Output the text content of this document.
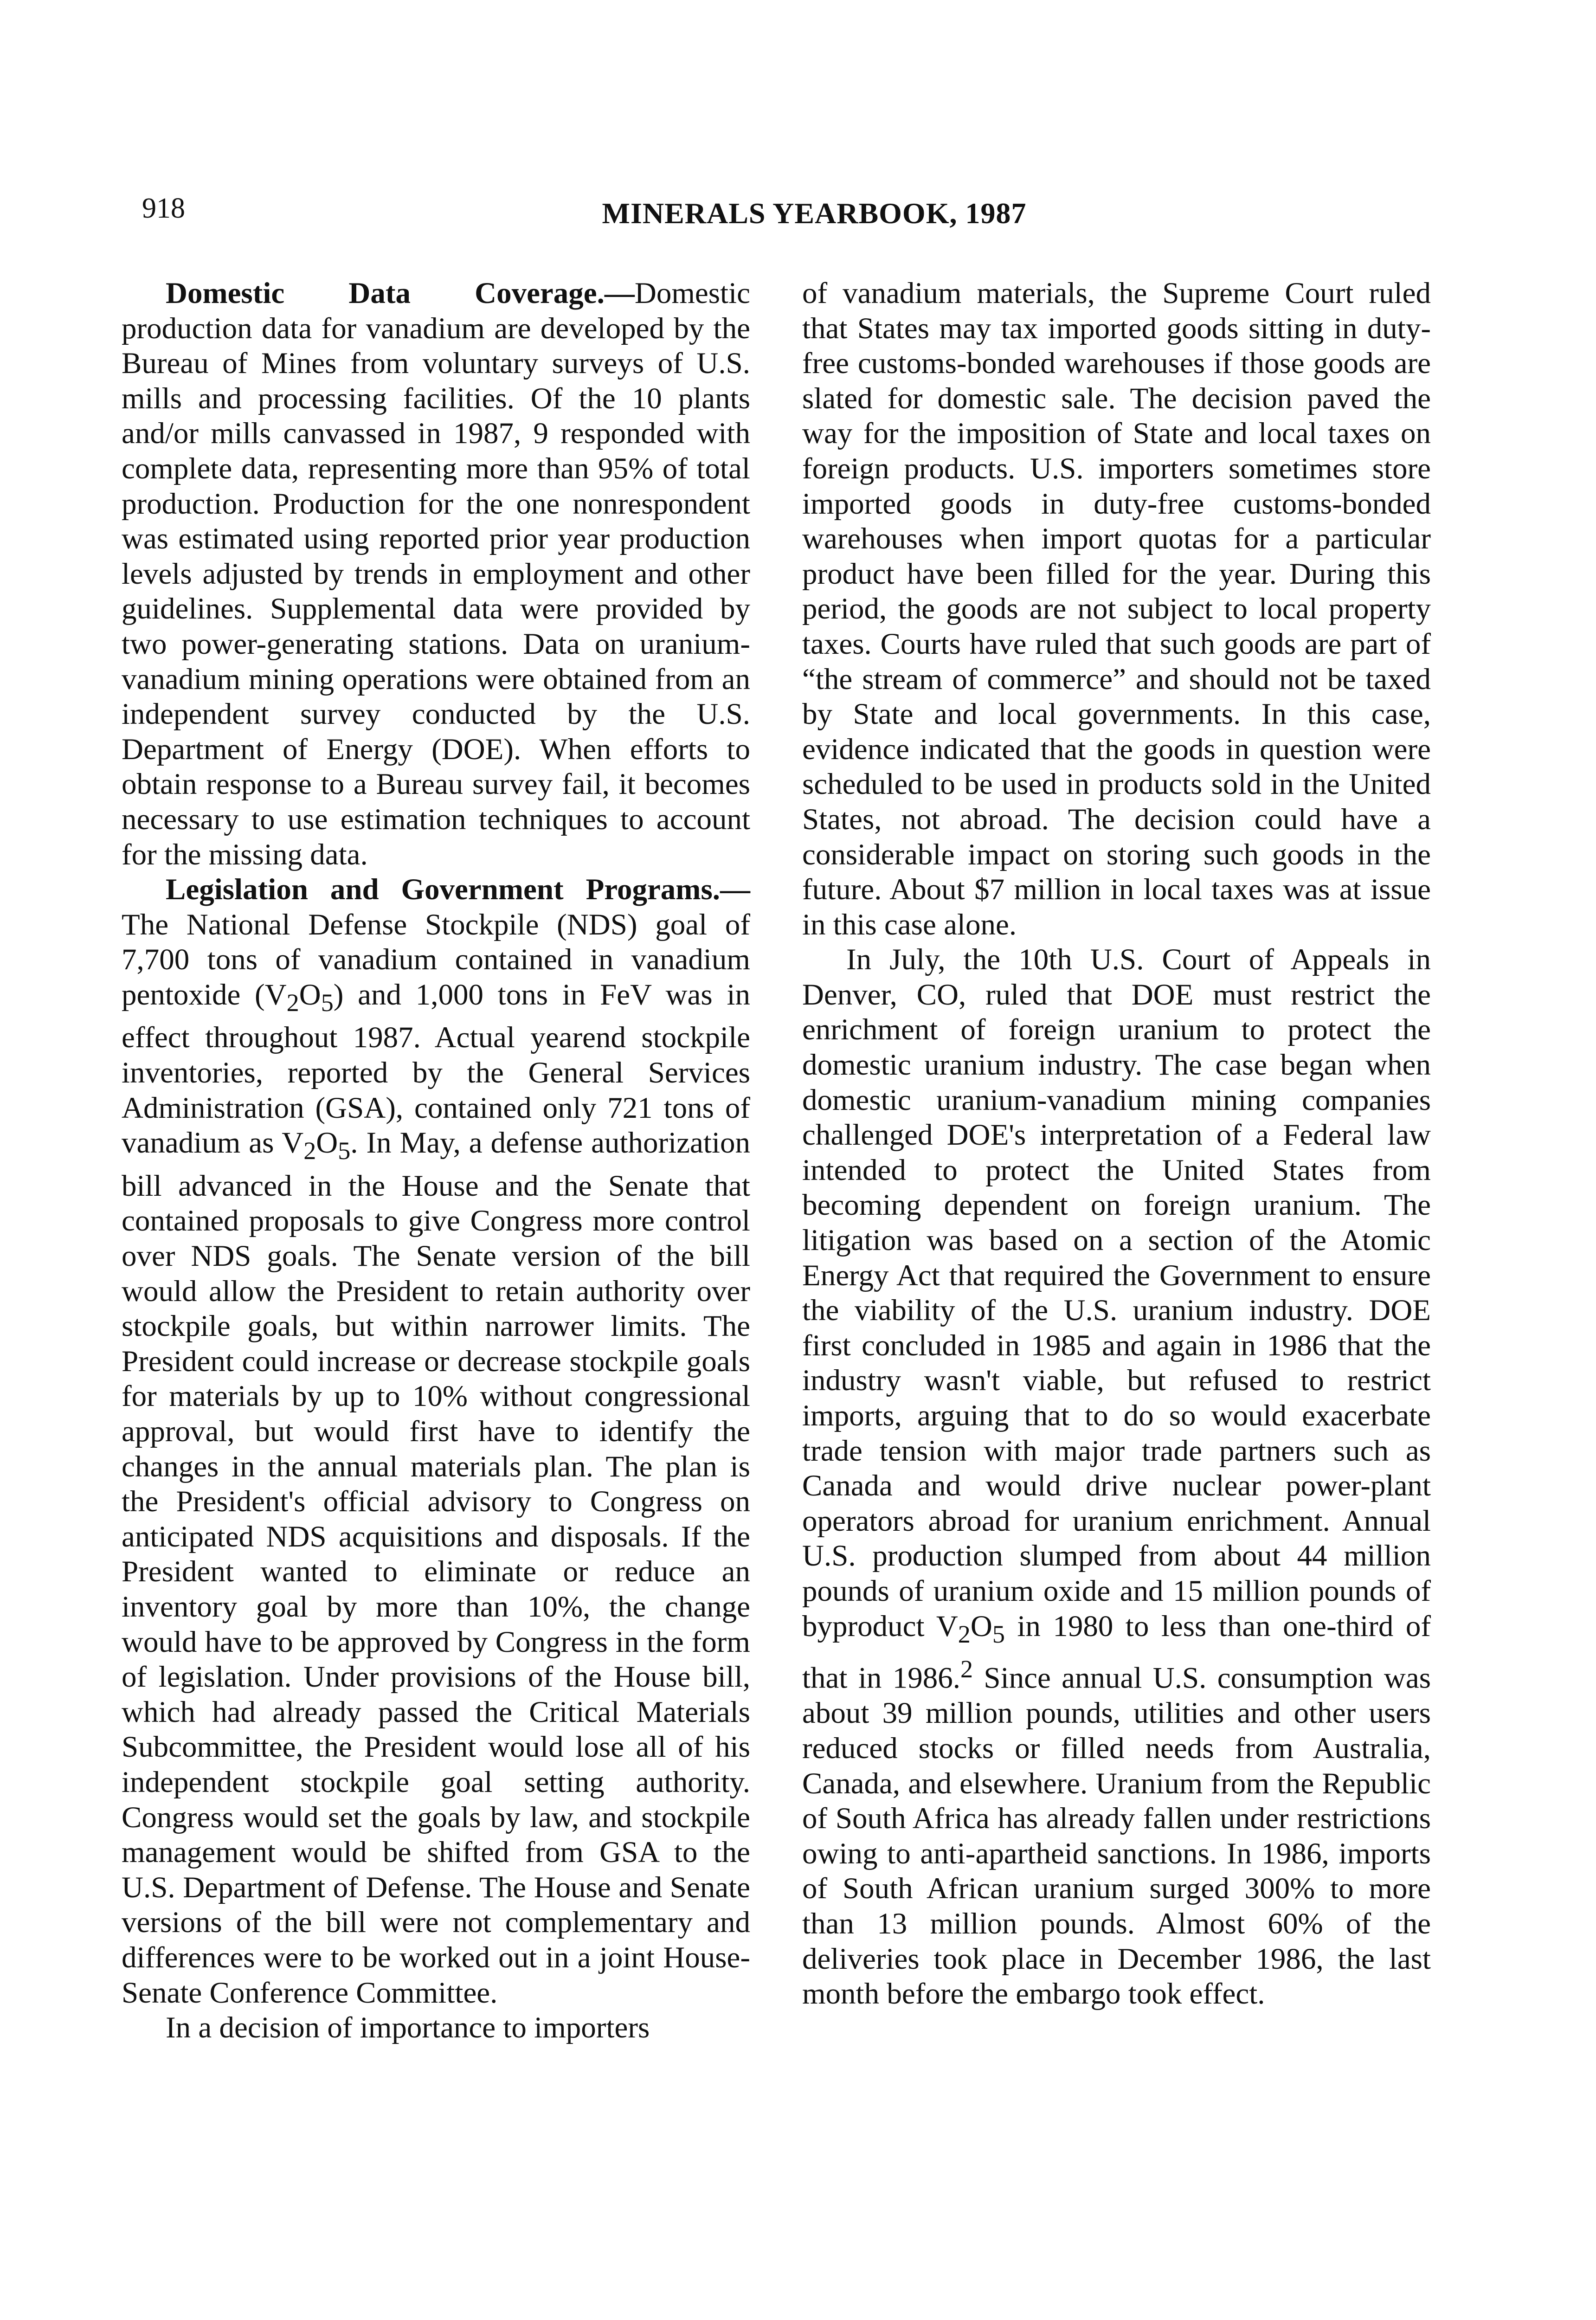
918	MINERALS YEARBOOK, 1987

Domestic Data Coverage.—Domestic production data for vanadium are developed by the Bureau of Mines from voluntary surveys of U.S. mills and processing facilities. Of the 10 plants and/or mills canvassed in 1987, 9 responded with complete data, representing more than 95% of total production. Production for the one nonrespondent was estimated using reported prior year production levels adjusted by trends in employment and other guidelines. Supplemental data were provided by two power-generating stations. Data on uranium-vanadium mining operations were obtained from an independent survey conducted by the U.S. Department of Energy (DOE). When efforts to obtain response to a Bureau survey fail, it becomes necessary to use estimation techniques to account for the missing data.

Legislation and Government Programs.—The National Defense Stockpile (NDS) goal of 7,700 tons of vanadium contained in vanadium pentoxide $(V_2O_5)$ and 1,000 tons in FeV was in effect throughout 1987. Actual yearend stockpile inventories, reported by the General Services Administration (GSA), contained only 721 tons of vanadium as $V_2O_5$. In May, a defense authorization bill advanced in the House and the Senate that contained proposals to give Congress more control over NDS goals. The Senate version of the bill would allow the President to retain authority over stockpile goals, but within narrower limits. The President could increase or decrease stockpile goals for materials by up to 10% without congressional approval, but would first have to identify the changes in the annual materials plan. The plan is the President's official advisory to Congress on anticipated NDS acquisitions and disposals. If the President wanted to eliminate or reduce an inventory goal by more than 10%, the change would have to be approved by Congress in the form of legislation. Under provisions of the House bill, which had already passed the Critical Materials Subcommittee, the President would lose all of his independent stockpile goal setting authority. Congress would set the goals by law, and stockpile management would be shifted from GSA to the U.S. Department of Defense. The House and Senate versions of the bill were not complementary and differences were to be worked out in a joint House-Senate Conference Committee.

In a decision of importance to importers

of vanadium materials, the Supreme Court ruled that States may tax imported goods sitting in duty-free customs-bonded warehouses if those goods are slated for domestic sale. The decision paved the way for the imposition of State and local taxes on foreign products. U.S. importers sometimes store imported goods in duty-free customs-bonded warehouses when import quotas for a particular product have been filled for the year. During this period, the goods are not subject to local property taxes. Courts have ruled that such goods are part of “the stream of commerce” and should not be taxed by State and local governments. In this case, evidence indicated that the goods in question were scheduled to be used in products sold in the United States, not abroad. The decision could have a considerable impact on storing such goods in the future. About $7 million in local taxes was at issue in this case alone.

In July, the 10th U.S. Court of Appeals in Denver, CO, ruled that DOE must restrict the enrichment of foreign uranium to protect the domestic uranium industry. The case began when domestic uranium-vanadium mining companies challenged DOE's interpretation of a Federal law intended to protect the United States from becoming dependent on foreign uranium. The litigation was based on a section of the Atomic Energy Act that required the Government to ensure the viability of the U.S. uranium industry. DOE first concluded in 1985 and again in 1986 that the industry wasn't viable, but refused to restrict imports, arguing that to do so would exacerbate trade tension with major trade partners such as Canada and would drive nuclear power-plant operators abroad for uranium enrichment. Annual U.S. production slumped from about 44 million pounds of uranium oxide and 15 million pounds of byproduct $V_2O_5$ in 1980 to less than one-third of that in 1986.$^2$ Since annual U.S. consumption was about 39 million pounds, utilities and other users reduced stocks or filled needs from Australia, Canada, and elsewhere. Uranium from the Republic of South Africa has already fallen under restrictions owing to anti-apartheid sanctions. In 1986, imports of South African uranium surged 300% to more than 13 million pounds. Almost 60% of the deliveries took place in December 1986, the last month before the embargo took effect.
